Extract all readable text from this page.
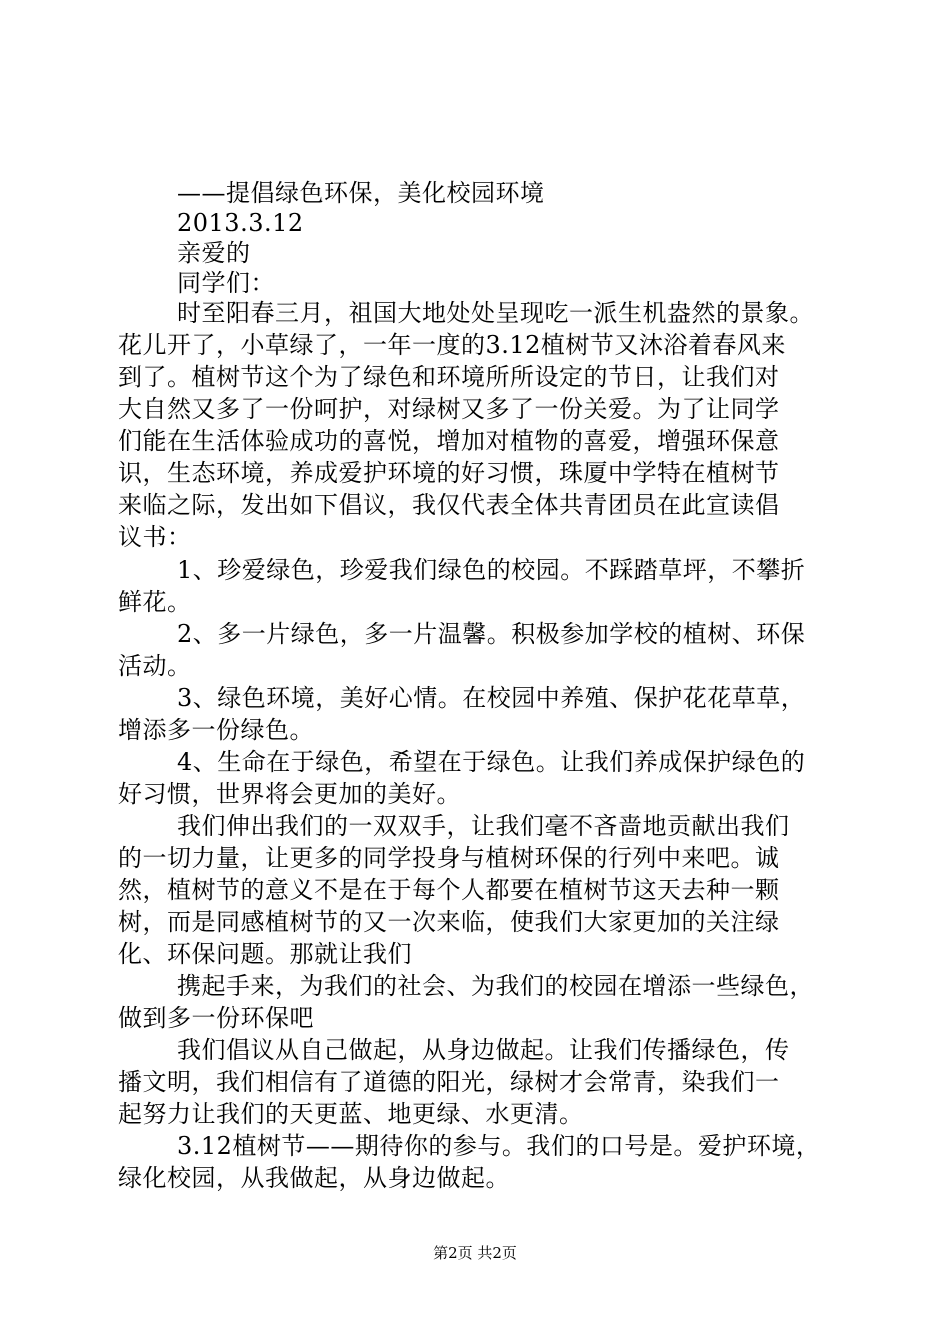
——提倡绿色环保，美化校园环境
2013.3.12
亲爱的
同学们：
时至阳春三月，祖国大地处处呈现吃一派生机盎然的景象。
花儿开了，小草绿了，一年一度的3.12植树节又沐浴着春风来
到了。植树节这个为了绿色和环境所所设定的节日，让我们对
大自然又多了一份呵护，对绿树又多了一份关爱。为了让同学
们能在生活体验成功的喜悦，增加对植物的喜爱，增强环保意
识，生态环境，养成爱护环境的好习惯，珠厦中学特在植树节
来临之际，发出如下倡议，我仅代表全体共青团员在此宣读倡
议书：
1、珍爱绿色，珍爱我们绿色的校园。不踩踏草坪，不攀折
鲜花。
2、多一片绿色，多一片温馨。积极参加学校的植树、环保
活动。
3、绿色环境，美好心情。在校园中养殖、保护花花草草，
增添多一份绿色。
4、生命在于绿色，希望在于绿色。让我们养成保护绿色的
好习惯，世界将会更加的美好。
我们伸出我们的一双双手，让我们毫不吝啬地贡献出我们
的一切力量，让更多的同学投身与植树环保的行列中来吧。诚
然，植树节的意义不是在于每个人都要在植树节这天去种一颗
树，而是同感植树节的又一次来临，使我们大家更加的关注绿
化、环保问题。那就让我们
携起手来，为我们的社会、为我们的校园在增添一些绿色，
做到多一份环保吧
我们倡议从自己做起，从身边做起。让我们传播绿色，传
播文明，我们相信有了道德的阳光，绿树才会常青，染我们一
起努力让我们的天更蓝、地更绿、水更清。
3.12植树节——期待你的参与。我们的口号是。爱护环境，
绿化校园，从我做起，从身边做起。
第2页 共2页
